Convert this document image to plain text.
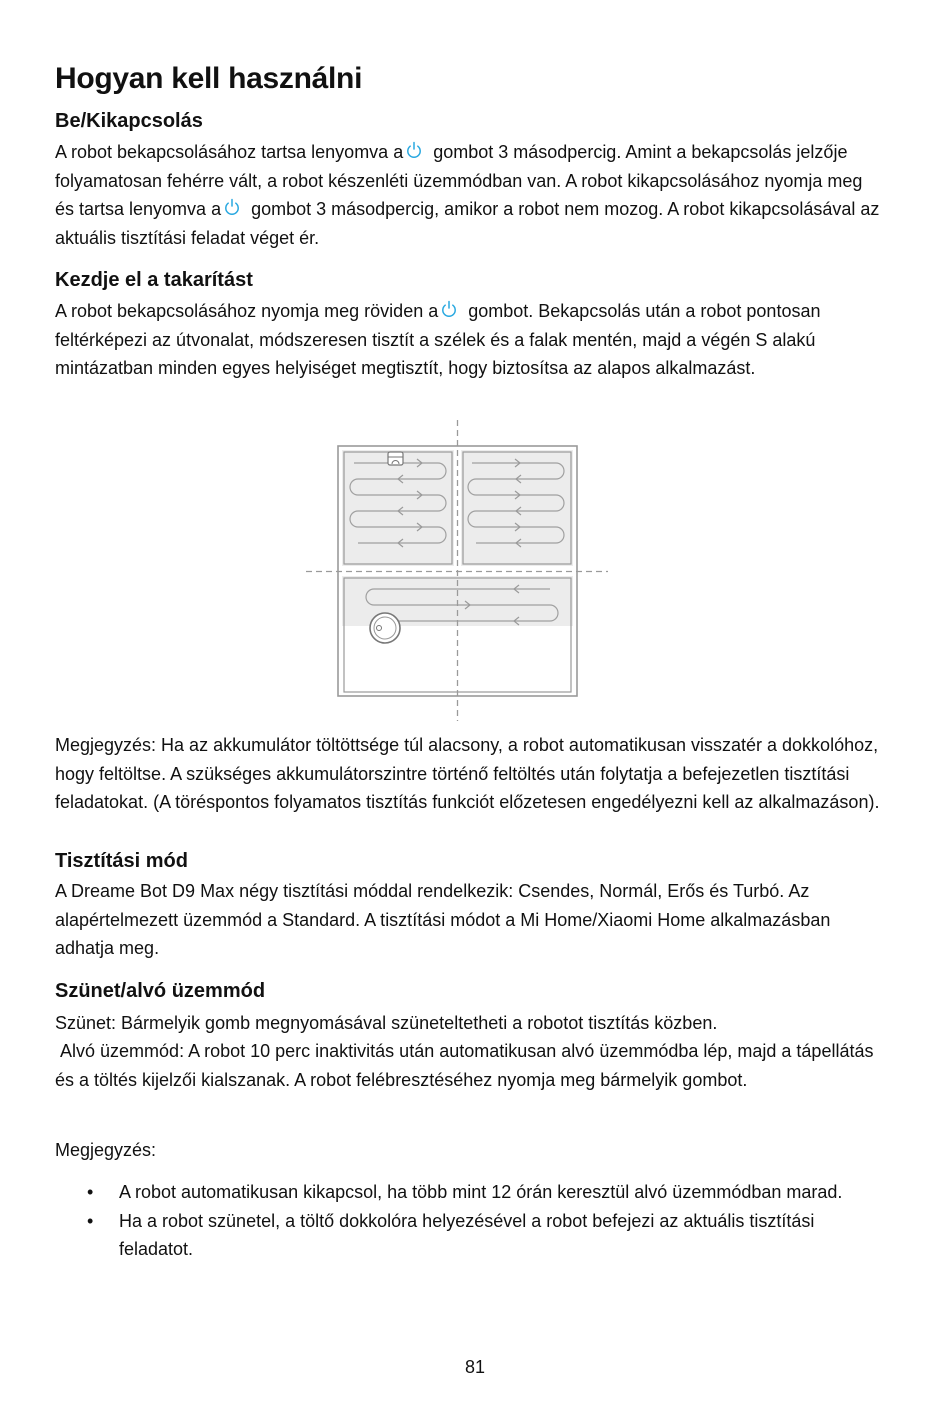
Hogyan kell használni
Be/Kikapcsolás

A robot bekapcsolásához tartsa lenyomva a
gombot 3 másodpercig. Amint a bekapcsolás jelzője folyamatosan fehérre vált, a robot készenléti üzemmódban van. A robot kikapcsolásához nyomja meg és tartsa lenyomva a
gombot 3 másodpercig, amikor a robot nem mozog. A robot kikapcsolásával az aktuális tisztítási feladat véget ér.

Kezdje el a takarítást

A robot bekapcsolásához nyomja meg röviden a
gombot. Bekapcsolás után a robot pontosan feltérképezi az útvonalat, módszeresen tisztít a szélek és a falak mentén, majd a végén S alakú mintázatban minden egyes helyiséget megtisztít, hogy biztosítsa az alapos alkalmazást.

Megjegyzés: Ha az akkumulátor töltöttsége túl alacsony, a robot automatikusan visszatér a dokkolóhoz, hogy feltöltse. A szükséges akkumulátorszintre történő feltöltés után folytatja a befejezetlen tisztítási feladatokat. (A töréspontos folyamatos tisztítás funkciót előzetesen engedélyezni kell az alkalmazáson).

Tisztítási mód

A Dreame Bot D9 Max négy tisztítási móddal rendelkezik: Csendes, Normál, Erős és Turbó. Az alapértelmezett üzemmód a Standard. A tisztítási módot a Mi Home/Xiaomi Home alkalmazásban adhatja meg.

Szünet/alvó üzemmód

Szünet: Bármelyik gomb megnyomásával szüneteltetheti a robotot tisztítás közben.

Alvó üzemmód: A robot 10 perc inaktivitás után automatikusan alvó üzemmódba lép, majd a tápellátás és a töltés kijelzői kialszanak. A robot felébresztéséhez nyomja meg bármelyik gombot.

Megjegyzés:

• A robot automatikusan kikapcsol, ha több mint 12 órán keresztül alvó üzemmódban marad.
• Ha a robot szünetel, a töltő dokkolóra helyezésével a robot befejezi az aktuális tisztítási feladatot.
81
